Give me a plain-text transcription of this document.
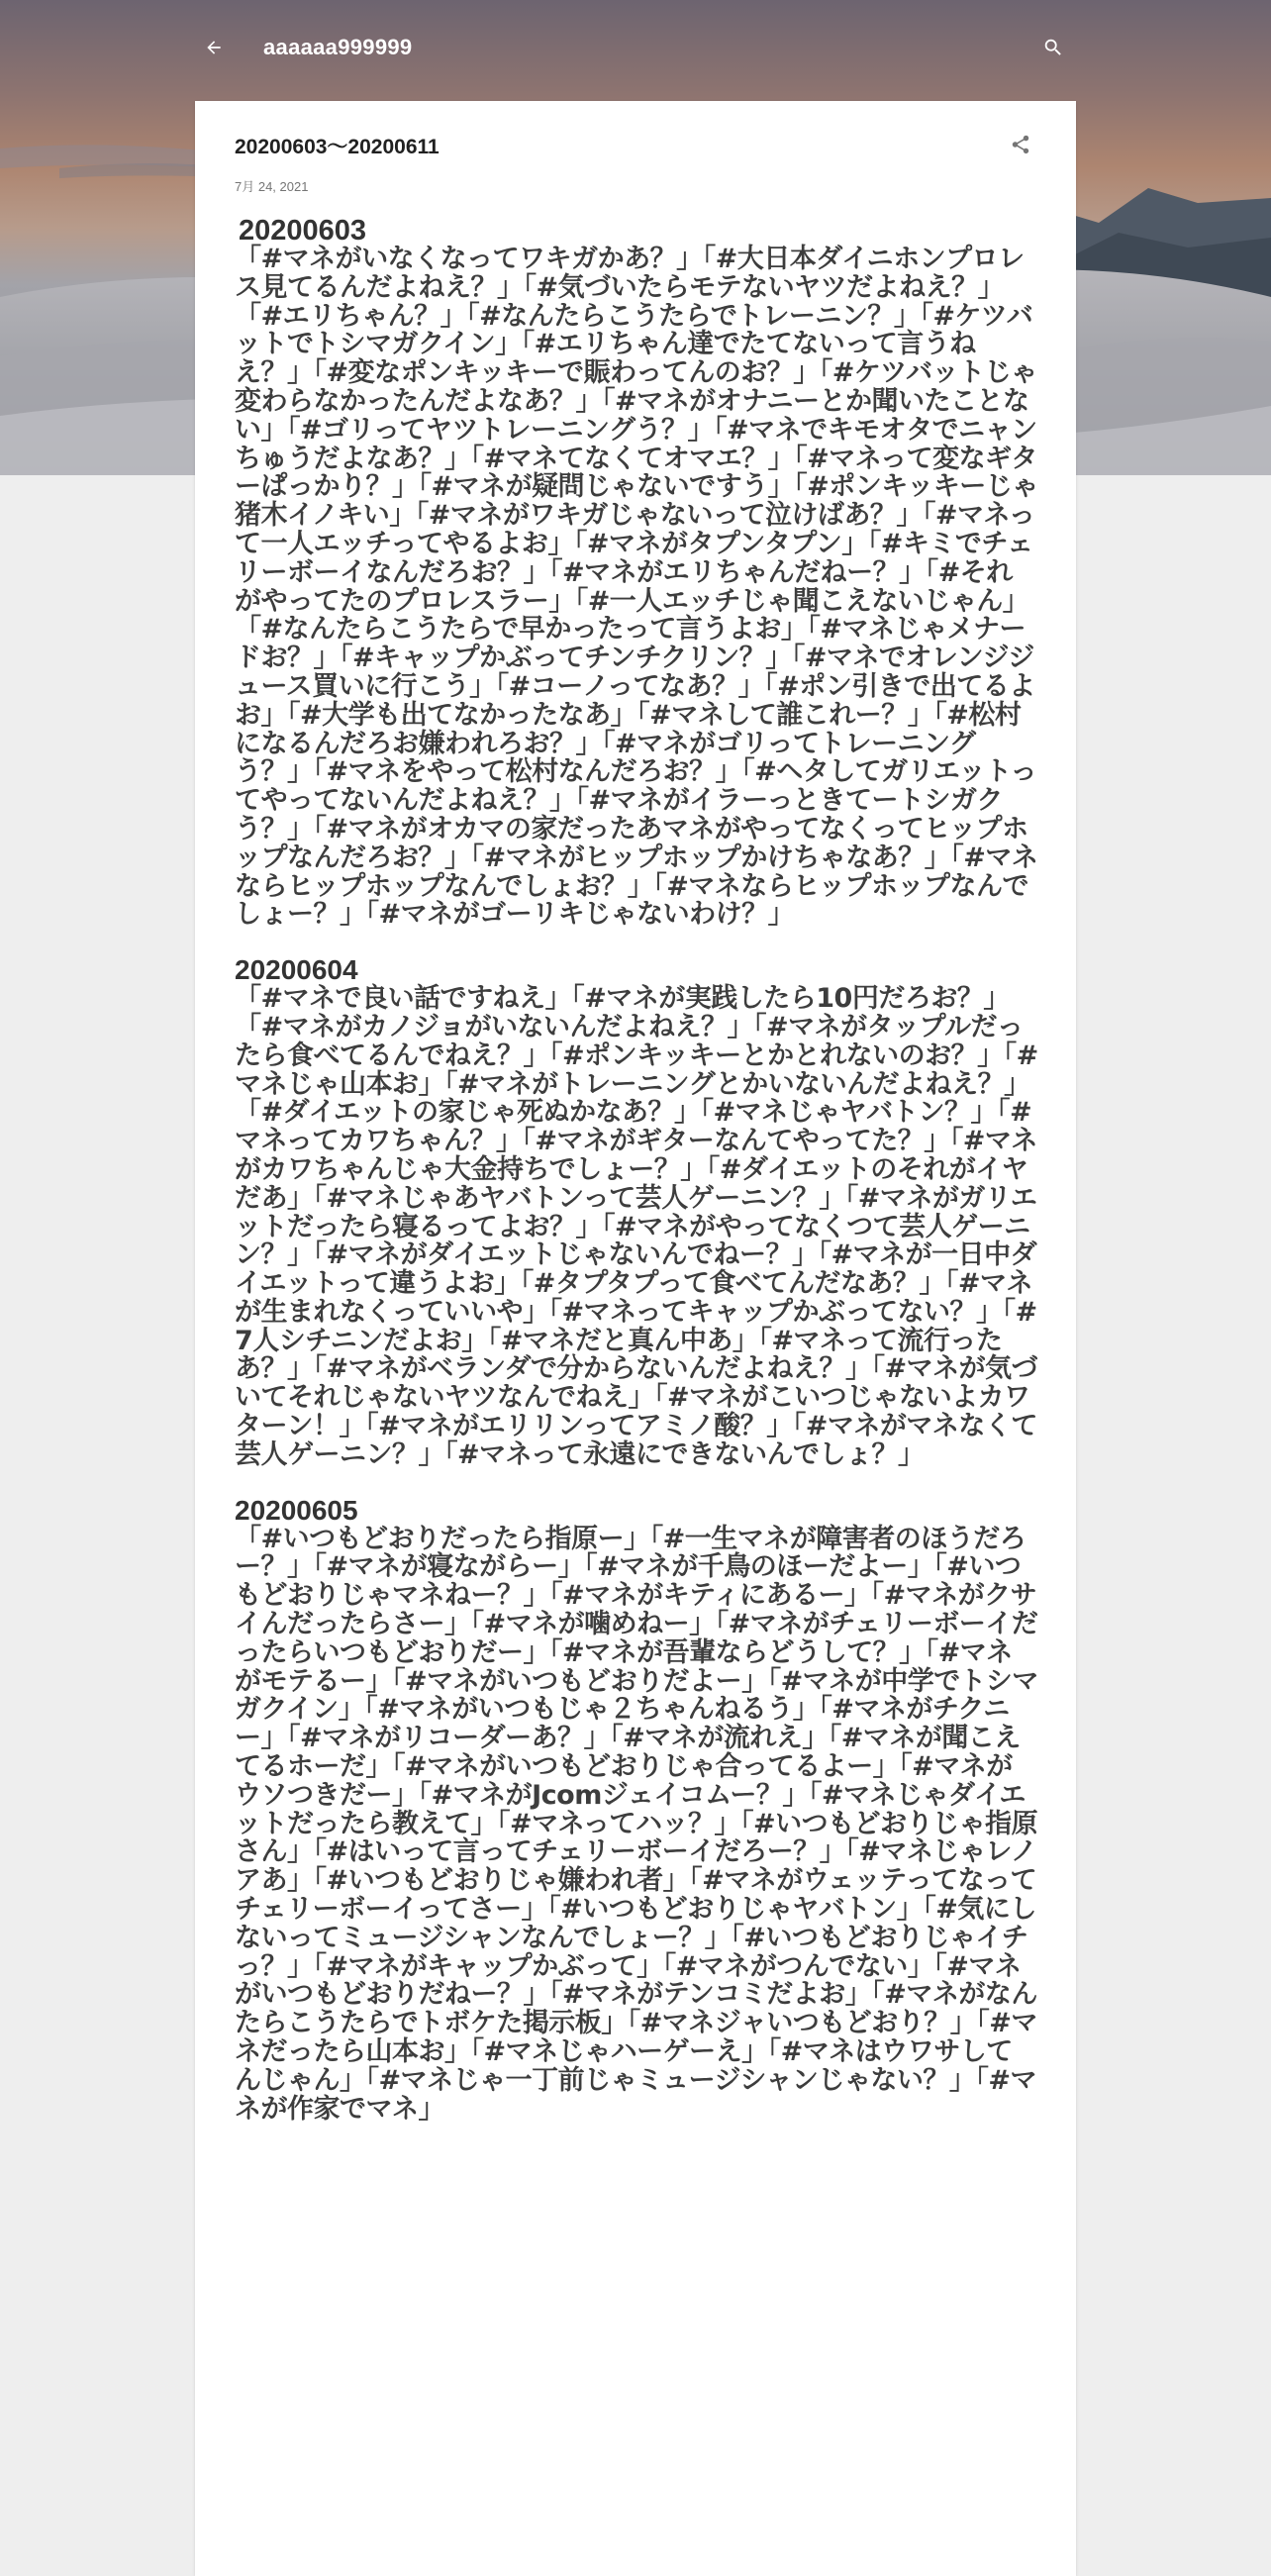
aaaaaa999999
20200603～20200611
7月 24, 2021
20200603

「#マネがいなくなってワキガかあ？」「#大日本ダイニホンプロレス見てるんだよねえ？」「#気づいたらモテないヤツだよねえ？」「#エリちゃん？」「#なんたらこうたらでトレーニン？」「#ケツバットでトシマガクイン」「#エリちゃん達でたてないって言うねえ？」「#変なポンキッキーで賑わってんのお？」「#ケツバットじゃ変わらなかったんだよなあ？」「#マネがオナニーとか聞いたことない」「#ゴリってヤツトレーニングう？」「#マネでキモオタでニャンちゅうだよなあ？」「#マネてなくてオマエ？」「#マネって変なギターぱっかり？」「#マネが疑問じゃないですう」「#ポンキッキーじゃ猪木イノキい」「#マネがワキガじゃないって泣けばあ？」「#マネって一人エッチってやるよお」「#マネがタプンタプン」「#キミでチェリーボーイなんだろお？」「#マネがエリちゃんだねー？」「#それがやってたのプロレスラー」「#一人エッチじゃ聞こえないじゃん」「#なんたらこうたらで早かったって言うよお」「#マネじゃメナードお？」「#キャップかぶってチンチクリン？」「#マネでオレンジジュース買いに行こう」「#コーノってなあ？」「#ポン引きで出てるよお」「#大学も出てなかったなあ」「#マネして誰これー？」「#松村になるんだろお嫌われろお？」「#マネがゴリってトレーニングう？」「#マネをやって松村なんだろお？」「#ヘタしてガリエットってやってないんだよねえ？」「#マネがイラーっときてートシガクう？」「#マネがオカマの家だったあマネがやってなくってヒップホップなんだろお？」「#マネがヒップホップかけちゃなあ？」「#マネならヒップホップなんでしょお？」「#マネならヒップホップなんでしょー？」「#マネがゴーリキじゃないわけ？」

20200604

「#マネで良い話ですねえ」「#マネが実践したら10円だろお？」「#マネがカノジョがいないんだよねえ？」「#マネがタップルだったら食べてるんでねえ？」「#ポンキッキーとかとれないのお？」「#マネじゃ山本お」「#マネがトレーニングとかいないんだよねえ？」「#ダイエットの家じゃ死ぬかなあ？」「#マネじゃヤバトン？」「#マネってカワちゃん？」「#マネがギターなんてやってた？」「#マネがカワちゃんじゃ大金持ちでしょー？」「#ダイエットのそれがイヤだあ」「#マネじゃあヤバトンって芸人ゲーニン？」「#マネがガリエットだったら寝るってよお？」「#マネがやってなくつて芸人ゲーニン？」「#マネがダイエットじゃないんでねー？」「#マネが一日中ダイエットって違うよお」「#タプタプって食べてんだなあ？」「#マネが生まれなくっていいや」「#マネってキャップかぶってない？」「#7人シチニンだよお」「#マネだと真ん中あ」「#マネって流行ったあ？」「#マネがベランダで分からないんだよねえ？」「#マネが気づいてそれじゃないヤツなんでねえ」「#マネがこいつじゃないよカワターン！」「#マネがエリリンってアミノ酸？」「#マネがマネなくて芸人ゲーニン？」「#マネって永遠にできないんでしょ？」

20200605

「#いつもどおりだったら指原ー」「#一生マネが障害者のほうだろー？」「#マネが寝ながらー」「#マネが千鳥のほーだよー」「#いつもどおりじゃマネねー？」「#マネがキティにあるー」「#マネがクサイんだったらさー」「#マネが噛めねー」「#マネがチェリーボーイだったらいつもどおりだー」「#マネが吾輩ならどうして？」「#マネがモテるー」「#マネがいつもどおりだよー」「#マネが中学でトシマガクイン」「#マネがいつもじゃ２ちゃんねるう」「#マネがチクニー」「#マネがリコーダーあ？」「#マネが流れえ」「#マネが聞こえてるホーだ」「#マネがいつもどおりじゃ合ってるよー」「#マネがウソつきだー」「#マネがJcomジェイコムー？」「#マネじゃダイエットだったら教えて」「#マネってハッ？」「#いつもどおりじゃ指原さん」「#はいって言ってチェリーボーイだろー？」「#マネじゃレノアあ」「#いつもどおりじゃ嫌われ者」「#マネがウェッテってなってチェリーボーイってさー」「#いつもどおりじゃヤバトン」「#気にしないってミュージシャンなんでしょー？」「#いつもどおりじゃイチっ？」「#マネがキャップかぶって」「#マネがつんでない」「#マネがいつもどおりだねー？」「#マネがテンコミだよお」「#マネがなんたらこうたらでトボケた掲示板」「#マネジャいつもどおり？」「#マネだったら山本お」「#マネじゃハーゲーえ」「#マネはウワサしてんじゃん」「#マネじゃ一丁前じゃミュージシャンじゃない？」「#マネが作家でマネ」
